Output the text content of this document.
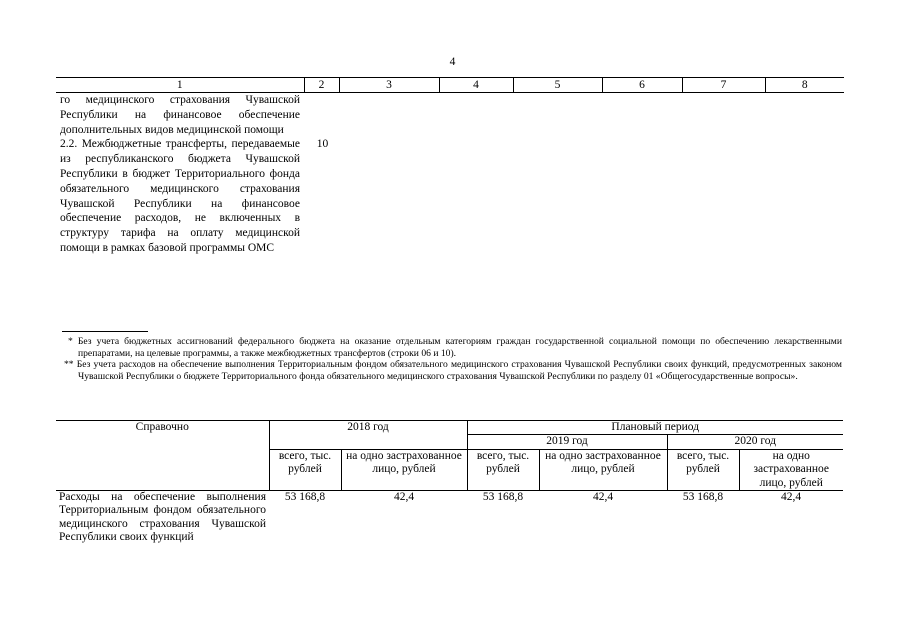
4
1	2	3	4	5	6	7	8
го медицинского страхования Чувашской Республики на финансовое обеспечение дополнительных видов медицинской помощи							
2.2. Межбюджетные трансферты, передаваемые из республиканского бюджета Чувашской Республики в бюджет Территориального фонда обязательного медицинского страхования Чувашской Республики на финансовое обеспечение расходов, не включенных в структуру тарифа на оплату медицинской помощи в рамках базовой программы ОМС	10						
* Без учета бюджетных ассигнований федерального бюджета на оказание отдельным категориям граждан государственной социальной помощи по обеспечению лекарственными препаратами, на целевые программы, а также межбюджетных трансфертов (строки 06 и 10).
** Без учета расходов на обеспечение выполнения Территориальным фондом обязательного медицинского страхования Чувашской Республики своих функций, предусмотренных законом Чувашской Республики о бюджете Территориального фонда обязательного медицинского страхования Чувашской Республики по разделу 01 «Общегосударственные вопросы».
Справочно	2018 год		Плановый период			
			2019 год		2020 год	
	всего, тыс. рублей	на одно застрахованное лицо, рублей	всего, тыс. рублей	на одно застрахованное лицо, рублей	всего, тыс. рублей	на одно застрахованное лицо, рублей
Расходы на обеспечение выполнения Территориальным фондом обязательного медицинского страхования Чувашской Республики своих функций	53 168,8	42,4	53 168,8	42,4	53 168,8	42,4
